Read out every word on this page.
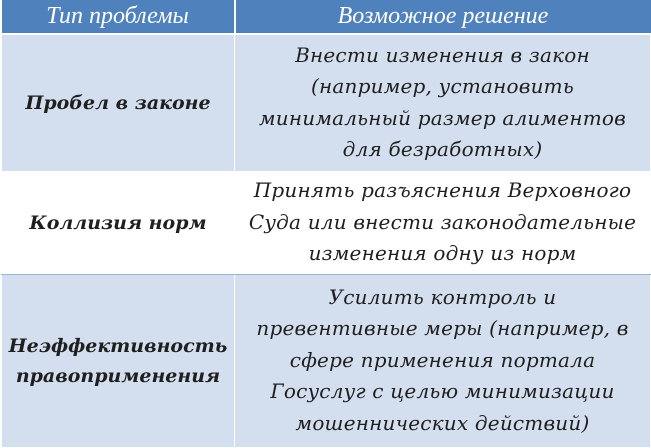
Тип проблемы	Возможное решение

Пробел в законе	Внести изменения в закон
(например, установить
минимальный размер алиментов
для безработных)

Коллизия норм	Принять разъяснения Верховного
Суда или внести законодательные
изменения одну из норм

Неэффективность
правоприменения	Усилить контроль и
превентивные меры (например, в
сфере применения портала
Госуслуг с целью минимизации
мошеннических действий)
